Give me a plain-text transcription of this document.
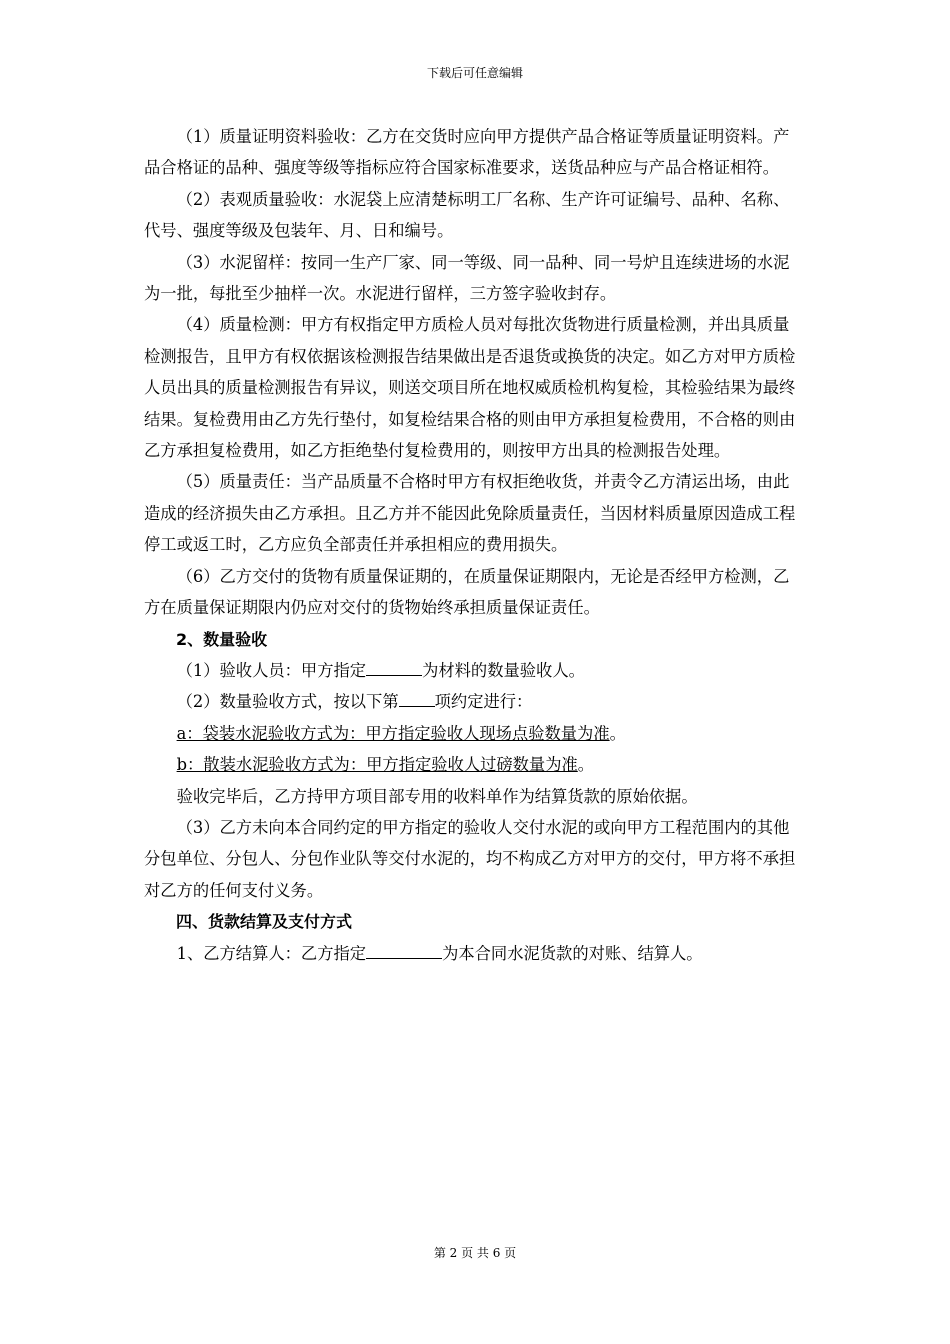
下载后可任意编辑

（1）质量证明资料验收：乙方在交货时应向甲方提供产品合格证等质量证明资料。产品合格证的品种、强度等级等指标应符合国家标准要求，送货品种应与产品合格证相符。

（2）表观质量验收：水泥袋上应清楚标明工厂名称、生产许可证编号、品种、名称、代号、强度等级及包装年、月、日和编号。

（3）水泥留样：按同一生产厂家、同一等级、同一品种、同一号炉且连续进场的水泥为一批，每批至少抽样一次。水泥进行留样，三方签字验收封存。

（4）质量检测：甲方有权指定甲方质检人员对每批次货物进行质量检测，并出具质量检测报告，且甲方有权依据该检测报告结果做出是否退货或换货的决定。如乙方对甲方质检人员出具的质量检测报告有异议，则送交项目所在地权威质检机构复检，其检验结果为最终结果。复检费用由乙方先行垫付，如复检结果合格的则由甲方承担复检费用，不合格的则由乙方承担复检费用，如乙方拒绝垫付复检费用的，则按甲方出具的检测报告处理。

（5）质量责任：当产品质量不合格时甲方有权拒绝收货，并责令乙方清运出场，由此造成的经济损失由乙方承担。且乙方并不能因此免除质量责任，当因材料质量原因造成工程停工或返工时，乙方应负全部责任并承担相应的费用损失。

（6）乙方交付的货物有质量保证期的，在质量保证期限内，无论是否经甲方检测，乙方在质量保证期限内仍应对交付的货物始终承担质量保证责任。

2、数量验收

（1）验收人员：甲方指定	为材料的数量验收人。

（2）数量验收方式，按以下第 项约定进行：

a：袋装水泥验收方式为：甲方指定验收人现场点验数量为准。

b：散装水泥验收方式为：甲方指定验收人过磅数量为准。

验收完毕后，乙方持甲方项目部专用的收料单作为结算货款的原始依据。

（3）乙方未向本合同约定的甲方指定的验收人交付水泥的或向甲方工程范围内的其他分包单位、分包人、分包作业队等交付水泥的，均不构成乙方对甲方的交付，甲方将不承担对乙方的任何支付义务。

四、货款结算及支付方式

1、乙方结算人：乙方指定	为本合同水泥货款的对账、结算人。

第 2 页 共 6 页
